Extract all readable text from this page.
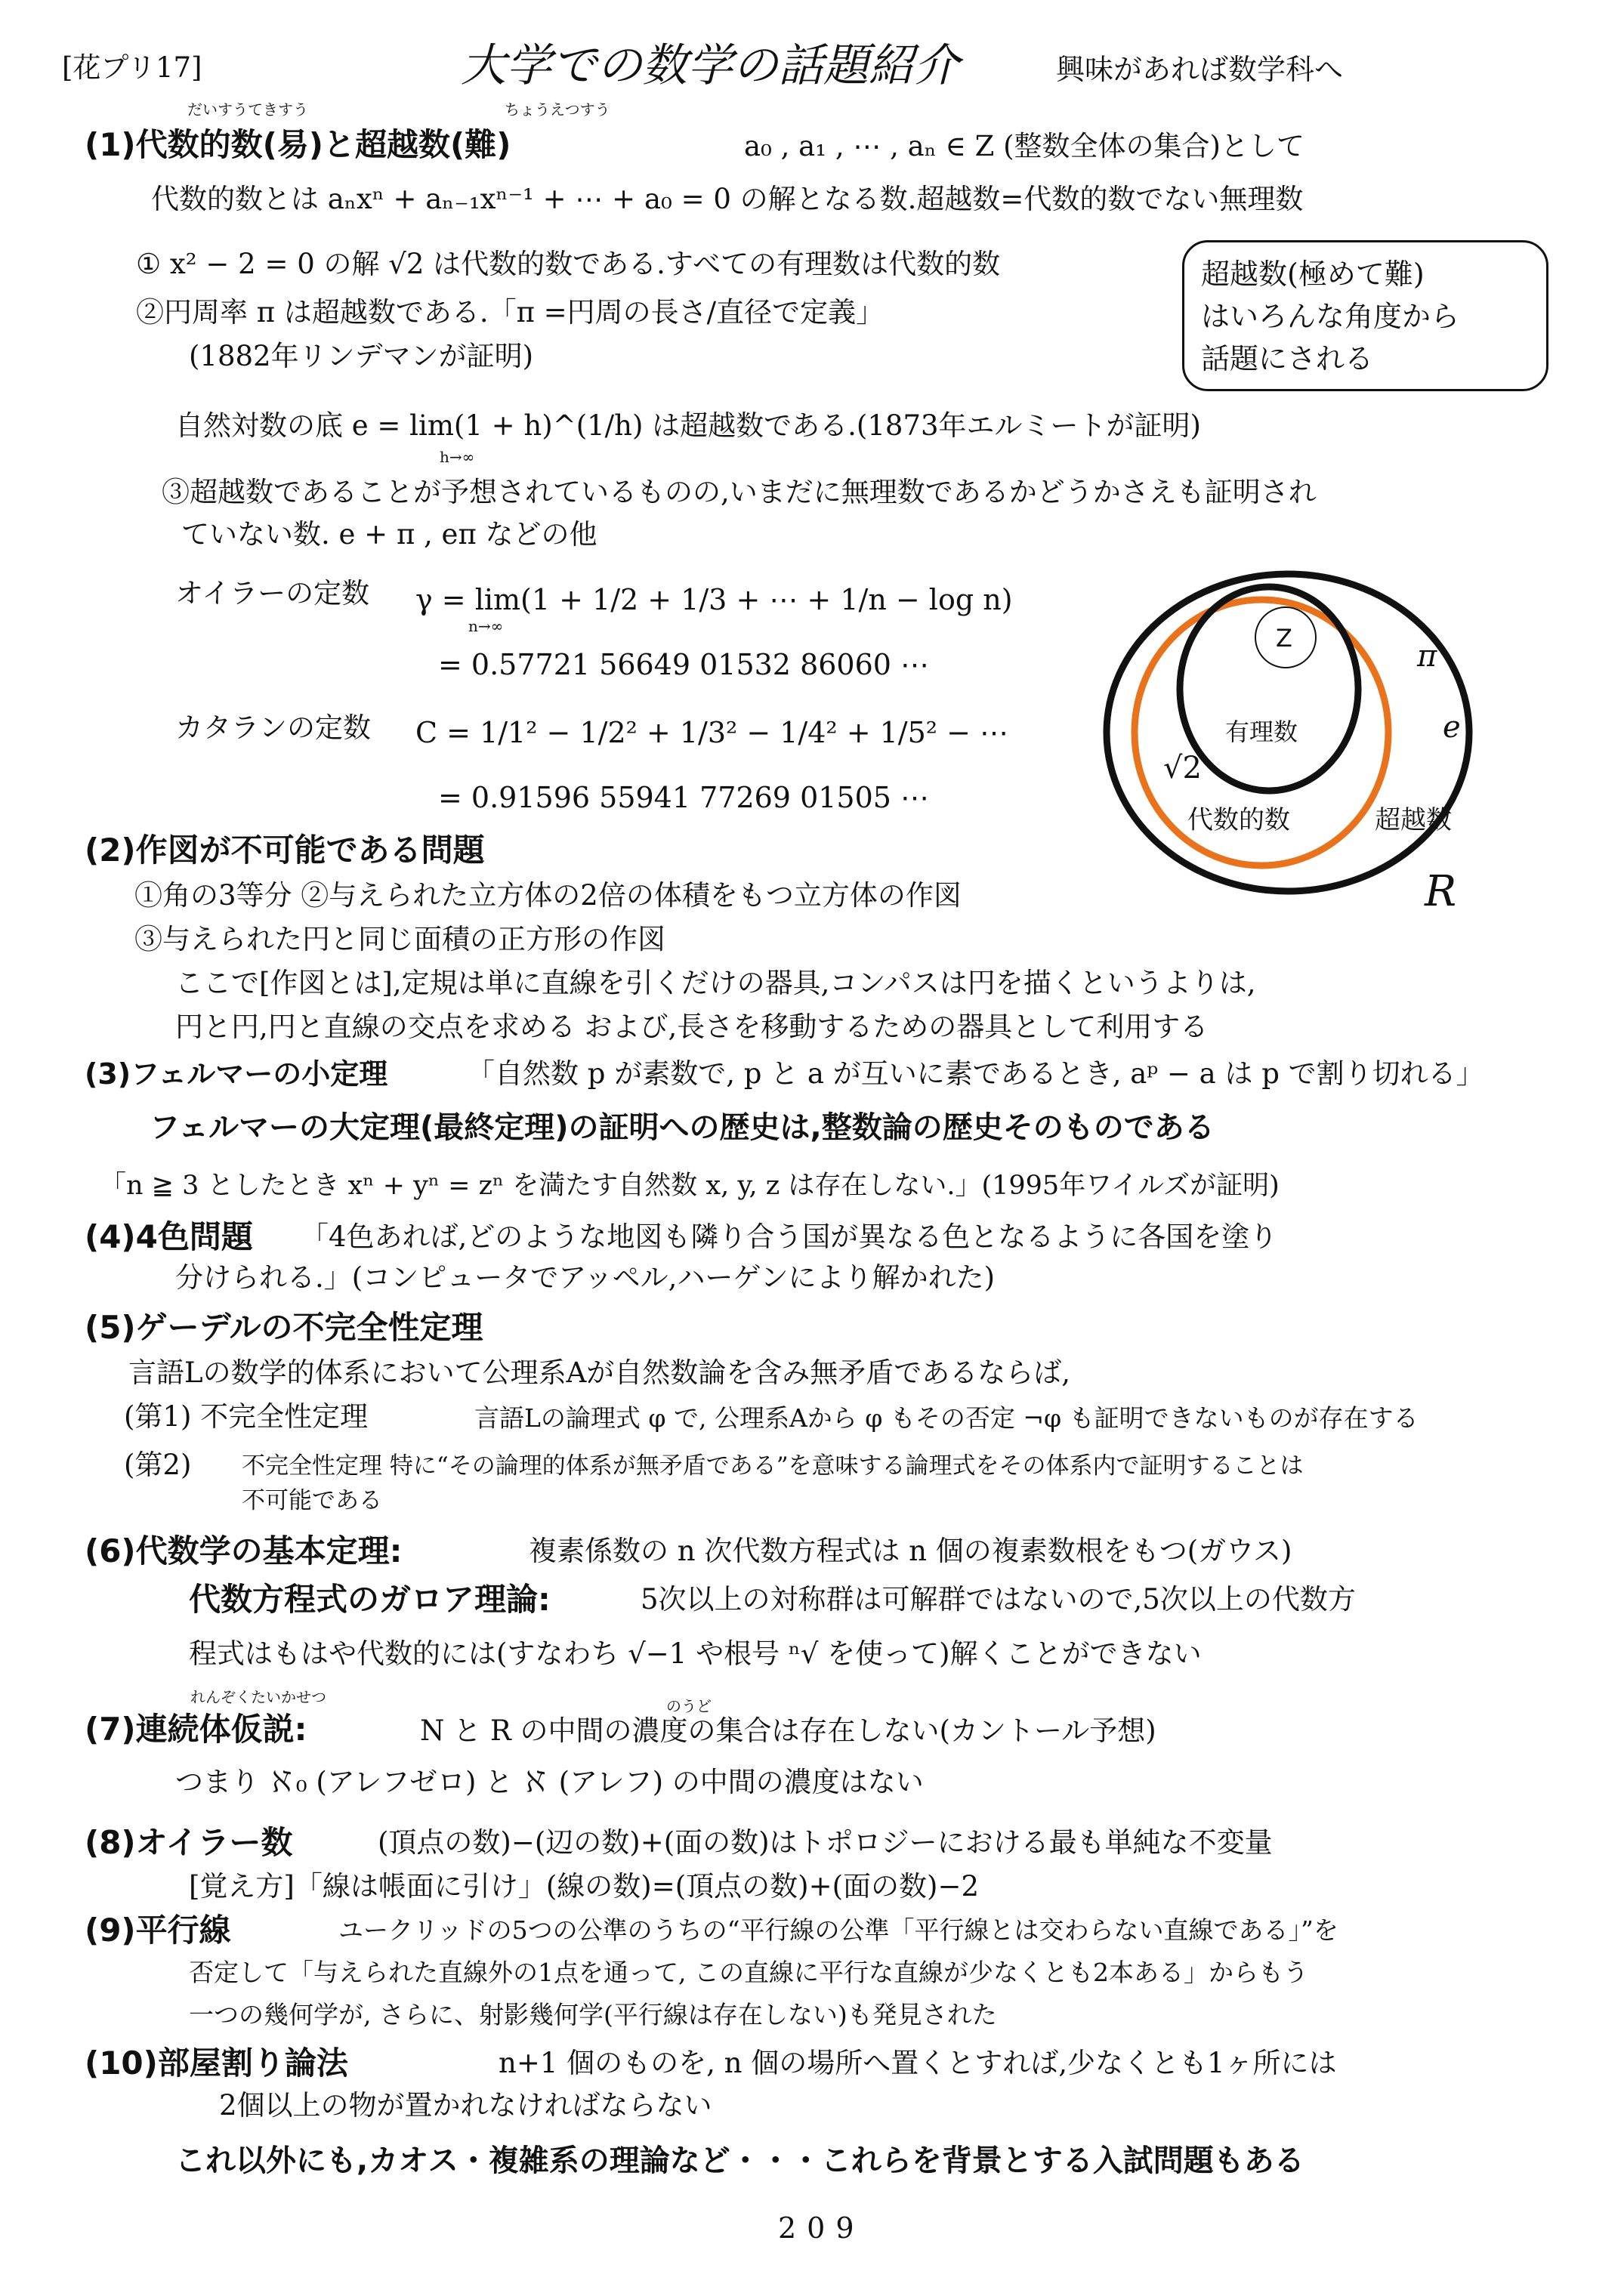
[花プリ17]	大学での数学の話題紹介	興味があれば数学科へ
だいすうてきすう	ちょうえつすう
(1)代数的数(易)と超越数(難)	a₀ , a₁ , ⋯ , aₙ ∈ Z (整数全体の集合)として
代数的数とは aₙxⁿ + aₙ₋₁xⁿ⁻¹ + ⋯ + a₀ = 0 の解となる数.超越数=代数的数でない無理数
① x² − 2 = 0 の解 √2 は代数的数である.すべての有理数は代数的数
②円周率 π は超越数である.「π =円周の長さ/直径で定義」
(1882年リンデマンが証明)
自然対数の底 e = lim(1 + h)^(1/h) は超越数である.(1873年エルミートが証明)
h→∞
③超越数であることが予想されているものの,いまだに無理数であるかどうかさえも証明され
ていない数. e + π , eπ などの他
オイラーの定数 γ = lim(1 + 1/2 + 1/3 + ⋯ + 1/n − log n)
n→∞
= 0.57721 56649 01532 86060 ⋯
カタランの定数 C = 1/1² − 1/2² + 1/3² − 1/4² + 1/5² − ⋯
= 0.91596 55941 77269 01505 ⋯
超越数(極めて難)
はいろんな角度から
話題にされる
Z
有理数
√2
代数的数
π
e
超越数
R
(2)作図が不可能である問題
①角の3等分 ②与えられた立方体の2倍の体積をもつ立方体の作図
③与えられた円と同じ面積の正方形の作図
ここで[作図とは],定規は単に直線を引くだけの器具,コンパスは円を描くというよりは,
円と円,円と直線の交点を求める および,長さを移動するための器具として利用する
(3)フェルマーの小定理	「自然数 p が素数で, p と a が互いに素であるとき, aᵖ − a は p で割り切れる」
フェルマーの大定理(最終定理)の証明への歴史は,整数論の歴史そのものである
「n ≧ 3 としたとき xⁿ + yⁿ = zⁿ を満たす自然数 x, y, z は存在しない.」(1995年ワイルズが証明)
(4)4色問題 「4色あれば,どのような地図も隣り合う国が異なる色となるように各国を塗り
分けられる.」(コンピュータでアッペル,ハーゲンにより解かれた)
(5)ゲーデルの不完全性定理
言語Lの数学的体系において公理系Aが自然数論を含み無矛盾であるならば,
(第1) 不完全性定理	言語Lの論理式 φ で, 公理系Aから φ もその否定 ¬φ も証明できないものが存在する
(第2) 不完全性定理 特に“その論理的体系が無矛盾である”を意味する論理式をその体系内で証明することは
不可能である
(6)代数学の基本定理:	複素係数の n 次代数方程式は n 個の複素数根をもつ(ガウス)
代数方程式のガロア理論:	5次以上の対称群は可解群ではないので,5次以上の代数方
程式はもはや代数的には(すなわち √−1 や根号 ⁿ√ を使って)解くことができない
れんぞくたいかせつ	のうど
(7)連続体仮説:	N と R の中間の濃度の集合は存在しない(カントール予想)
つまり ℵ₀ (アレフゼロ) と ℵ (アレフ) の中間の濃度はない
(8)オイラー数	(頂点の数)−(辺の数)+(面の数)はトポロジーにおける最も単純な不変量
[覚え方]「線は帳面に引け」(線の数)=(頂点の数)+(面の数)−2
(9)平行線	ユークリッドの5つの公準のうちの“平行線の公準「平行線とは交わらない直線である」”を
否定して「与えられた直線外の1点を通って, この直線に平行な直線が少なくとも2本ある」からもう
一つの幾何学が, さらに、射影幾何学(平行線は存在しない)も発見された
(10)部屋割り論法	n+1 個のものを, n 個の場所へ置くとすれば,少なくとも1ヶ所には
2個以上の物が置かれなければならない
これ以外にも,カオス・複雑系の理論など・・・これらを背景とする入試問題もある
209
